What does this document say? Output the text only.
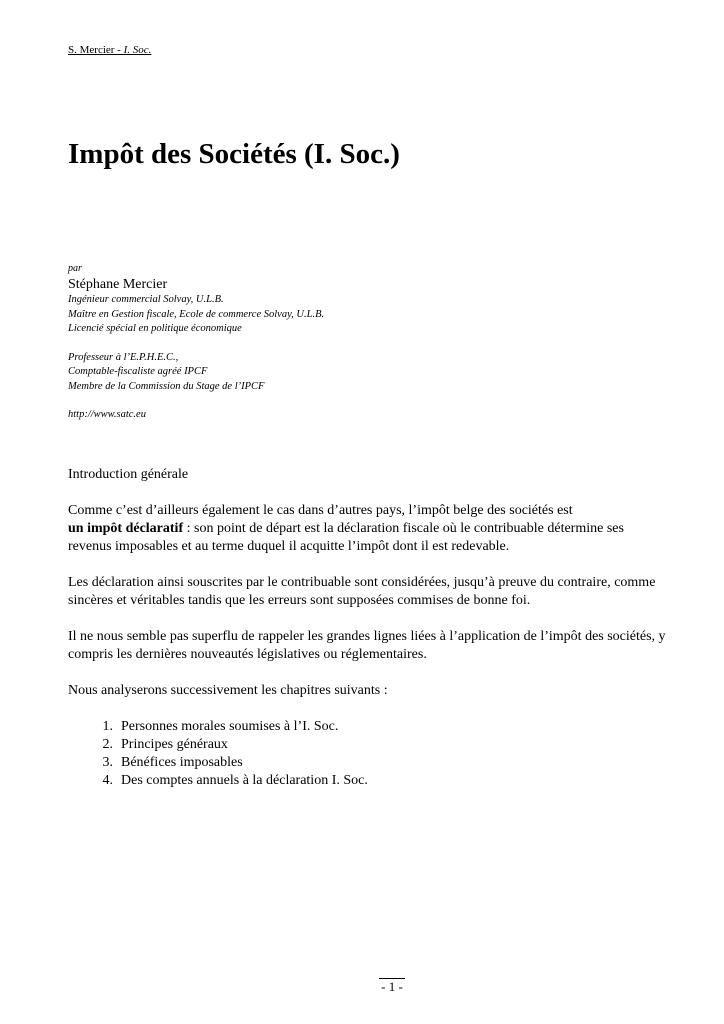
S. Mercier - I. Soc.
Impôt des Sociétés (I. Soc.)
par
Stéphane Mercier
Ingénieur commercial Solvay, U.L.B.
Maître en Gestion fiscale, Ecole de commerce Solvay, U.L.B.
Licencié spécial en politique économique
Professeur à l’E.P.H.E.C.,
Comptable-fiscaliste agréé IPCF
Membre de la Commission du Stage de l’IPCF
http://www.satc.eu

Introduction générale

Comme c’est d’ailleurs également le cas dans d’autres pays, l’impôt belge des sociétés est
un impôt déclaratif : son point de départ est la déclaration fiscale où le contribuable détermine ses revenus imposables et au terme duquel il acquitte l’impôt dont il est redevable.

Les déclaration ainsi souscrites par le contribuable sont considérées, jusqu’à preuve du contraire, comme sincères et véritables tandis que les erreurs sont supposées commises de bonne foi.

Il ne nous semble pas superflu de rappeler les grandes lignes liées à l’application de l’impôt des sociétés, y compris les dernières nouveautés législatives ou réglementaires.

Nous analyserons successivement les chapitres suivants :

1. Personnes morales soumises à l’I. Soc.
2. Principes généraux
3. Bénéfices imposables
4. Des comptes annuels à la déclaration I. Soc.
- 1 -
